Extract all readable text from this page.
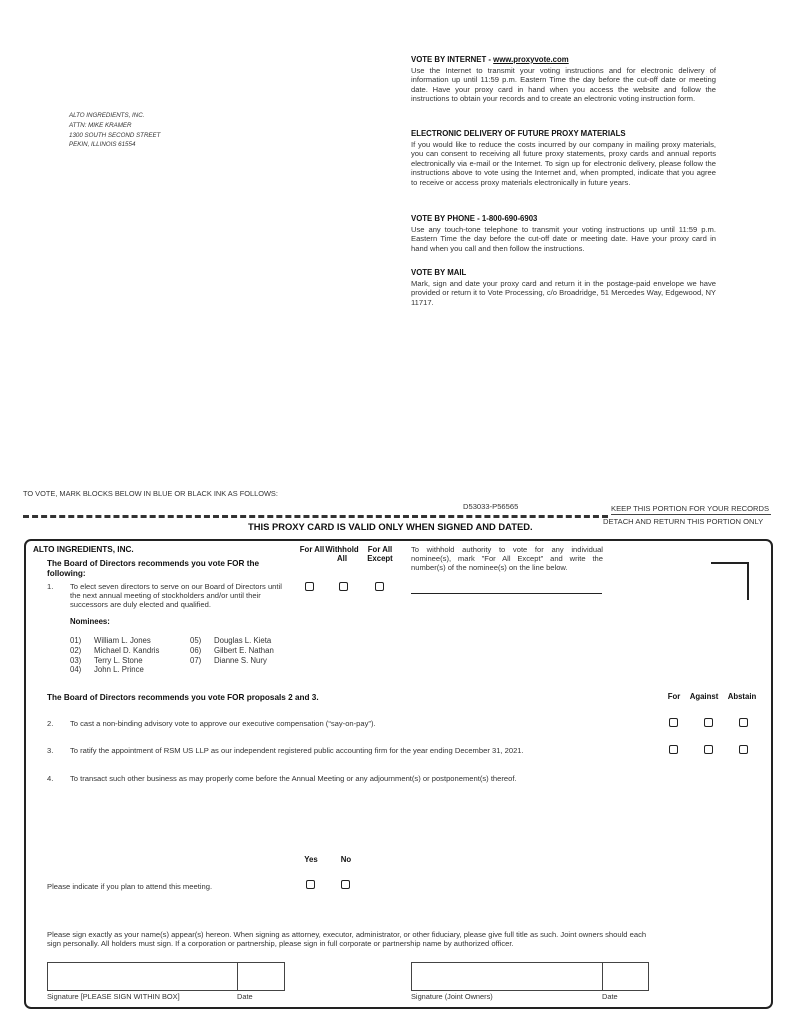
ALTO INGREDIENTS, INC.
ATTN: MIKE KRAMER
1300 SOUTH SECOND STREET
PEKIN, ILLINOIS 61554
VOTE BY INTERNET - www.proxyvote.com

Use the Internet to transmit your voting instructions and for electronic delivery of information up until 11:59 p.m. Eastern Time the day before the cut-off date or meeting date. Have your proxy card in hand when you access the website and follow the instructions to obtain your records and to create an electronic voting instruction form.

ELECTRONIC DELIVERY OF FUTURE PROXY MATERIALS

If you would like to reduce the costs incurred by our company in mailing proxy materials, you can consent to receiving all future proxy statements, proxy cards and annual reports electronically via e-mail or the Internet. To sign up for electronic delivery, please follow the instructions above to vote using the Internet and, when prompted, indicate that you agree to receive or access proxy materials electronically in future years.

VOTE BY PHONE - 1-800-690-6903

Use any touch-tone telephone to transmit your voting instructions up until 11:59 p.m. Eastern Time the day before the cut-off date or meeting date. Have your proxy card in hand when you call and then follow the instructions.

VOTE BY MAIL

Mark, sign and date your proxy card and return it in the postage-paid envelope we have provided or return it to Vote Processing, c/o Broadridge, 51 Mercedes Way, Edgewood, NY 11717.

TO VOTE, MARK BLOCKS BELOW IN BLUE OR BLACK INK AS FOLLOWS:
D53033-P56565	KEEP THIS PORTION FOR YOUR RECORDS
DETACH AND RETURN THIS PORTION ONLY
THIS PROXY CARD IS VALID ONLY WHEN SIGNED AND DATED.
ALTO INGREDIENTS, INC.
The Board of Directors recommends you vote FOR the following:
For All Withhold All
For All Except
To withhold authority to vote for any individual nominee(s), mark "For All Except" and write the number(s) of the nominee(s) on the line below.
1. To elect seven directors to serve on our Board of Directors until the next annual meeting of stockholders and/or until their successors are duly elected and qualified.
Nominees:
01) William L. Jones
02) Michael D. Kandris
03) Terry L. Stone
04) John L. Prince
05) Douglas L. Kieta
06) Gilbert E. Nathan
07) Dianne S. Nury
The Board of Directors recommends you vote FOR proposals 2 and 3.	For	Against	Abstain
2. To cast a non-binding advisory vote to approve our executive compensation (“say-on-pay”).
3. To ratify the appointment of RSM US LLP as our independent registered public accounting firm for the year ending December 31, 2021.
4. To transact such other business as may properly come before the Annual Meeting or any adjournment(s) or postponement(s) thereof.
Yes	No
Please indicate if you plan to attend this meeting.
Please sign exactly as your name(s) appear(s) hereon. When signing as attorney, executor, administrator, or other fiduciary, please give full title as such. Joint owners should each sign personally. All holders must sign. If a corporation or partnership, please sign in full corporate or partnership name by authorized officer.
Signature [PLEASE SIGN WITHIN BOX]	Date	Signature (Joint Owners)	Date
